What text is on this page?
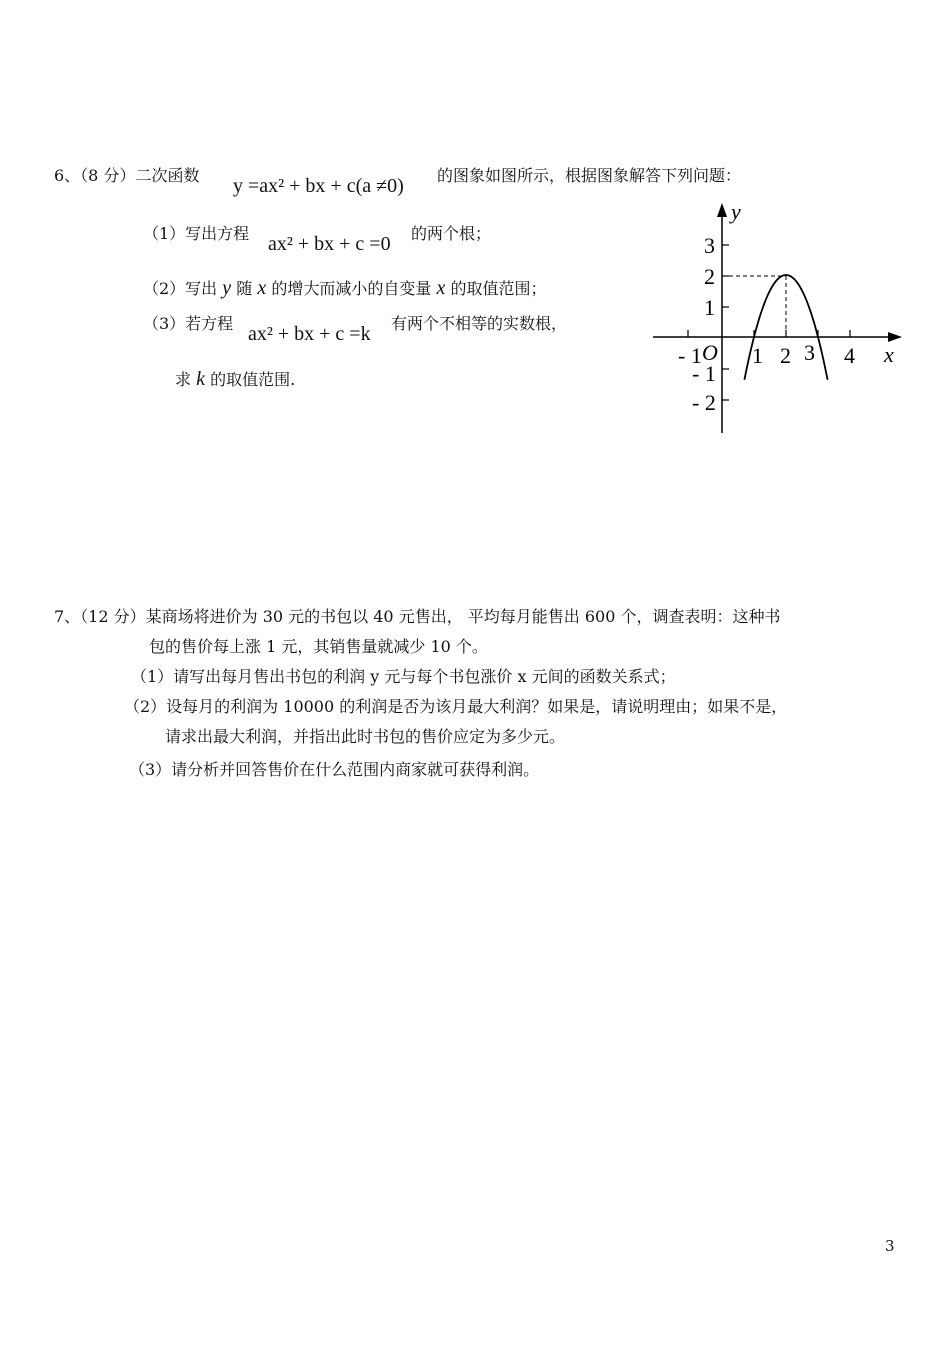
6、（8 分）二次函数 y =ax² + bx + c(a ≠0) 的图象如图所示，根据图象解答下列问题：
（1）写出方程 ax² + bx + c =0 的两个根；
（2）写出 y 随 x 的增大而减小的自变量 x 的取值范围；
（3）若方程 ax² + bx + c =k 有两个不相等的实数根，
求 k 的取值范围.
y
x
O
- 1 1 2 3 4
3
2
1
- 1
- 2
7、（12 分）某商场将进价为 30 元的书包以 40 元售出， 平均每月能售出 600 个，调查表明：这种书
包的售价每上涨 1 元，其销售量就减少 10 个。
（1）请写出每月售出书包的利润 y 元与每个书包涨价 x 元间的函数关系式；
（2）设每月的利润为 10000 的利润是否为该月最大利润？如果是，请说明理由；如果不是，
请求出最大利润，并指出此时书包的售价应定为多少元。
（3）请分析并回答售价在什么范围内商家就可获得利润。
3
